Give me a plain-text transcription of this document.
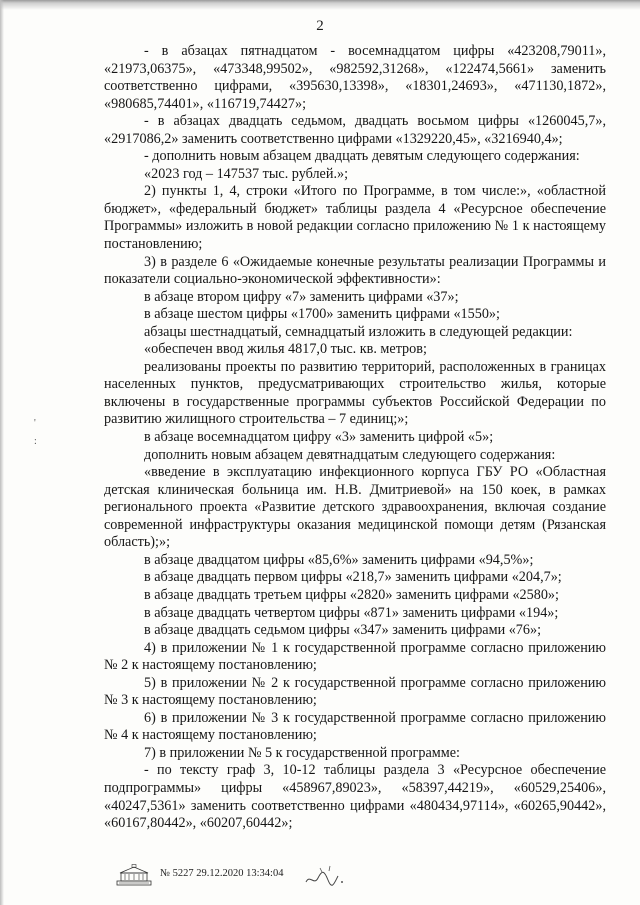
2

- в абзацах пятнадцатом - восемнадцатом цифры «423208,79011», «21973,06375», «473348,99502», «982592,31268», «122474,5661» заменить соответственно цифрами, «395630,13398», «18301,24693», «471130,1872», «980685,74401», «116719,74427»;

- в абзацах двадцать седьмом, двадцать восьмом цифры «1260045,7», «2917086,2» заменить соответственно цифрами «1329220,45», «3216940,4»;

- дополнить новым абзацем двадцать девятым следующего содержания:

«2023 год – 147537 тыс. рублей.»;

2) пункты 1, 4, строки «Итого по Программе, в том числе:», «областной бюджет», «федеральный бюджет» таблицы раздела 4 «Ресурсное обеспечение Программы» изложить в новой редакции согласно приложению № 1 к настоящему постановлению;

3) в разделе 6 «Ожидаемые конечные результаты реализации Программы и показатели социально-экономической эффективности»:

в абзаце втором цифру «7» заменить цифрами «37»;

в абзаце шестом цифры «1700» заменить цифрами «1550»;

абзацы шестнадцатый, семнадцатый изложить в следующей редакции:

«обеспечен ввод жилья 4817,0 тыс. кв. метров;

реализованы проекты по развитию территорий, расположенных в границах населенных пунктов, предусматривающих строительство жилья, которые включены в государственные программы субъектов Российской Федерации по развитию жилищного строительства – 7 единиц;»;

в абзаце восемнадцатом цифру «3» заменить цифрой «5»;

дополнить новым абзацем девятнадцатым следующего содержания:

«введение в эксплуатацию инфекционного корпуса ГБУ РО «Областная детская клиническая больница им. Н.В. Дмитриевой» на 150 коек, в рамках регионального проекта «Развитие детского здравоохранения, включая создание современной инфраструктуры оказания медицинской помощи детям (Рязанская область);»;

в абзаце двадцатом цифры «85,6%» заменить цифрами «94,5%»;

в абзаце двадцать первом цифры «218,7» заменить цифрами «204,7»;

в абзаце двадцать третьем цифры «2820» заменить цифрами «2580»;

в абзаце двадцать четвертом цифры «871» заменить цифрами «194»;

в абзаце двадцать седьмом цифры «347» заменить цифрами «76»;

4) в приложении № 1 к государственной программе согласно приложению № 2 к настоящему постановлению;

5) в приложении № 2 к государственной программе согласно приложению № 3 к настоящему постановлению;

6) в приложении № 3 к государственной программе согласно приложению № 4 к настоящему постановлению;

7) в приложении № 5 к государственной программе:

- по тексту граф 3, 10-12 таблицы раздела 3 «Ресурсное обеспечение подпрограммы» цифры «458967,89023», «58397,44219», «60529,25406», «40247,5361» заменить соответственно цифрами «480434,97114», «60265,90442», «60167,80442», «60207,60442»;

'
:
№ 5227 29.12.2020 13:34:04
